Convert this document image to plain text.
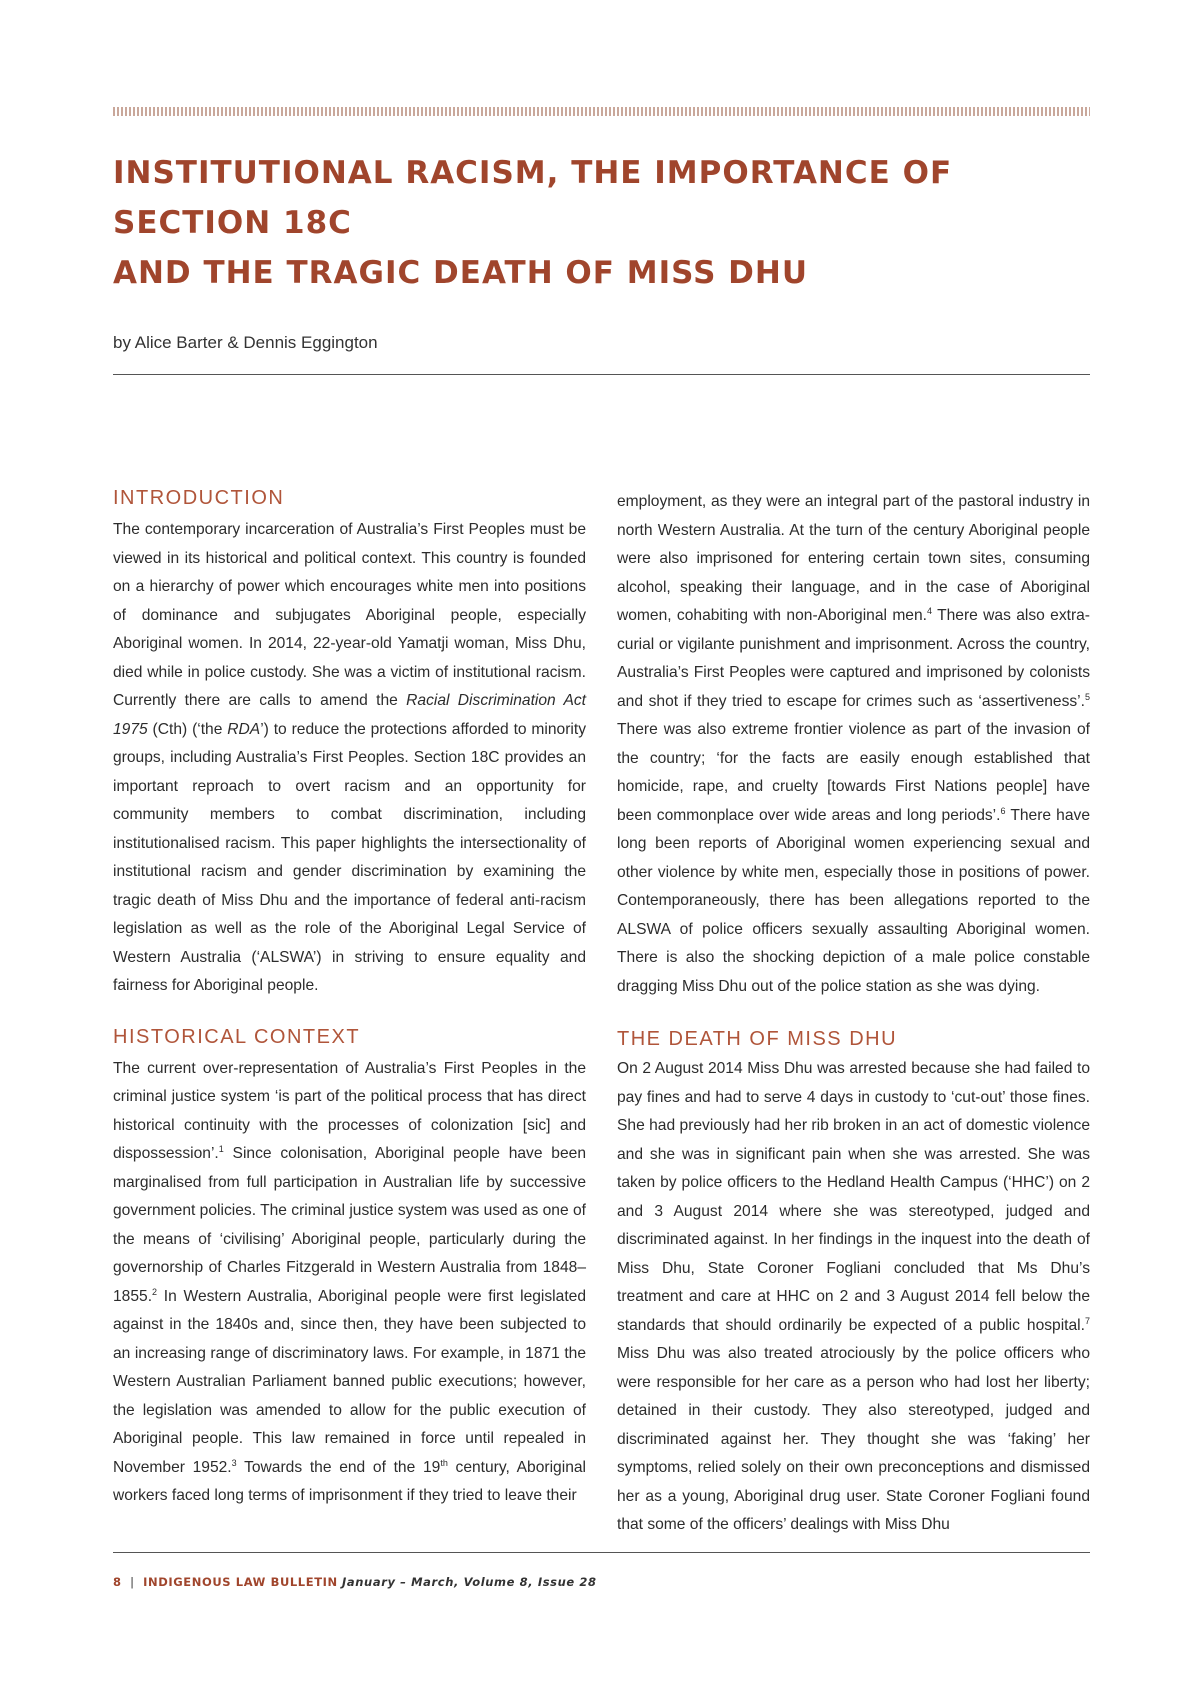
INSTITUTIONAL RACISM, THE IMPORTANCE OF SECTION 18C
AND THE TRAGIC DEATH OF MISS DHU
by Alice Barter & Dennis Eggington
INTRODUCTION

The contemporary incarceration of Australia’s First Peoples must be viewed in its historical and political context. This country is founded on a hierarchy of power which encourages white men into positions of dominance and subjugates Aboriginal people, especially Aboriginal women. In 2014, 22-year-old Yamatji woman, Miss Dhu, died while in police custody. She was a victim of institutional racism. Currently there are calls to amend the Racial Discrimination Act 1975 (Cth) (‘the RDA’) to reduce the protections afforded to minority groups, including Australia’s First Peoples. Section 18C provides an important reproach to overt racism and an opportunity for community members to combat discrimination, including institutionalised racism. This paper highlights the intersectionality of institutional racism and gender discrimination by examining the tragic death of Miss Dhu and the importance of federal anti-racism legislation as well as the role of the Aboriginal Legal Service of Western Australia (‘ALSWA’) in striving to ensure equality and fairness for Aboriginal people.

HISTORICAL CONTEXT

The current over-representation of Australia’s First Peoples in the criminal justice system ‘is part of the political process that has direct historical continuity with the processes of colonization [sic] and dispossession’.$^1$ Since colonisation, Aboriginal people have been marginalised from full participation in Australian life by successive government policies. The criminal justice system was used as one of the means of ‘civilising’ Aboriginal people, particularly during the governorship of Charles Fitzgerald in Western Australia from 1848–1855.$^2$ In Western Australia, Aboriginal people were first legislated against in the 1840s and, since then, they have been subjected to an increasing range of discriminatory laws. For example, in 1871 the Western Australian Parliament banned public executions; however, the legislation was amended to allow for the public execution of Aboriginal people. This law remained in force until repealed in November 1952.$^3$ Towards the end of the 19th century, Aboriginal workers faced long terms of imprisonment if they tried to leave their

employment, as they were an integral part of the pastoral industry in north Western Australia. At the turn of the century Aboriginal people were also imprisoned for entering certain town sites, consuming alcohol, speaking their language, and in the case of Aboriginal women, cohabiting with non-Aboriginal men.$^4$ There was also extra-curial or vigilante punishment and imprisonment. Across the country, Australia’s First Peoples were captured and imprisoned by colonists and shot if they tried to escape for crimes such as ‘assertiveness’.$^5$ There was also extreme frontier violence as part of the invasion of the country; ‘for the facts are easily enough established that homicide, rape, and cruelty [towards First Nations people] have been commonplace over wide areas and long periods’.$^6$ There have long been reports of Aboriginal women experiencing sexual and other violence by white men, especially those in positions of power. Contemporaneously, there has been allegations reported to the ALSWA of police officers sexually assaulting Aboriginal women. There is also the shocking depiction of a male police constable dragging Miss Dhu out of the police station as she was dying.

THE DEATH OF MISS DHU

On 2 August 2014 Miss Dhu was arrested because she had failed to pay fines and had to serve 4 days in custody to ‘cut-out’ those fines. She had previously had her rib broken in an act of domestic violence and she was in significant pain when she was arrested. She was taken by police officers to the Hedland Health Campus (‘HHC’) on 2 and 3 August 2014 where she was stereotyped, judged and discriminated against. In her findings in the inquest into the death of Miss Dhu, State Coroner Fogliani concluded that Ms Dhu’s treatment and care at HHC on 2 and 3 August 2014 fell below the standards that should ordinarily be expected of a public hospital.$^7$ Miss Dhu was also treated atrociously by the police officers who were responsible for her care as a person who had lost her liberty; detained in their custody. They also stereotyped, judged and discriminated against her. They thought she was ‘faking’ her symptoms, relied solely on their own preconceptions and dismissed her as a young, Aboriginal drug user. State Coroner Fogliani found that some of the officers’ dealings with Miss Dhu

8 | INDIGENOUS LAW BULLETIN January – March, Volume 8, Issue 28
